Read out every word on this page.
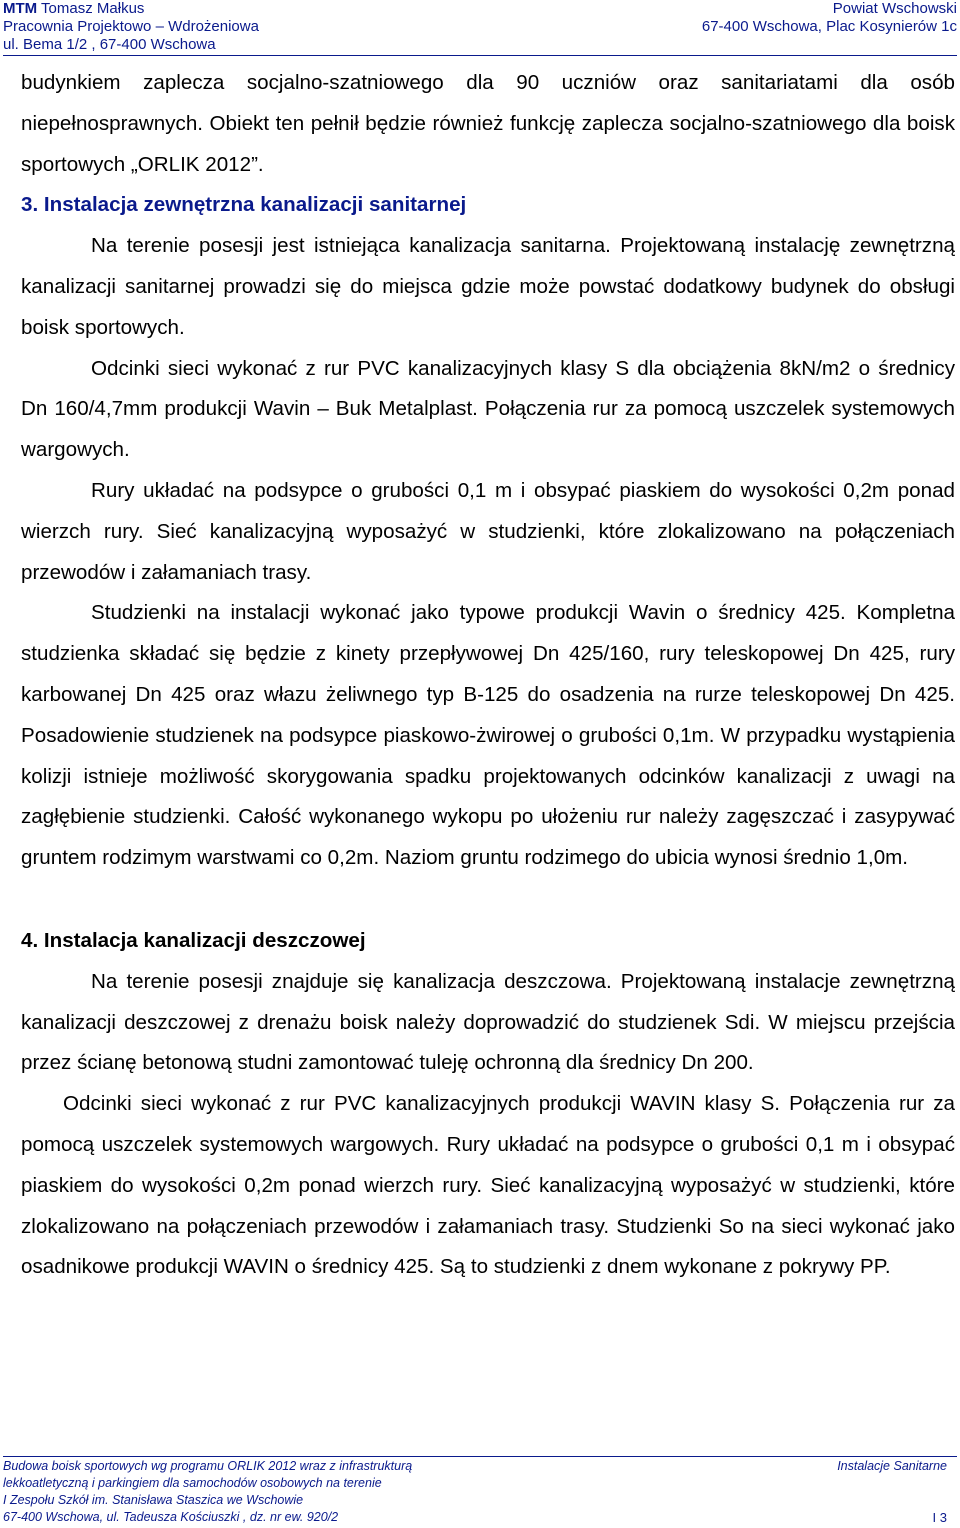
MTM Tomasz Małkus
Pracownia Projektowo – Wdrożeniowa
ul. Bema 1/2 , 67-400 Wschowa
Powiat Wschowski
67-400 Wschowa, Plac Kosynierów 1c

budynkiem zaplecza socjalno-szatniowego dla 90 uczniów oraz sanitariatami dla osób niepełnosprawnych. Obiekt ten pełnił będzie również funkcję zaplecza socjalno-szatniowego dla boisk sportowych „ORLIK 2012”.

3. Instalacja zewnętrzna kanalizacji sanitarnej

Na terenie posesji jest istniejąca kanalizacja sanitarna. Projektowaną instalację zewnętrzną kanalizacji sanitarnej prowadzi się do miejsca gdzie może powstać dodatkowy budynek do obsługi boisk sportowych.

Odcinki sieci wykonać z rur PVC kanalizacyjnych klasy S dla obciążenia 8kN/m2 o średnicy Dn 160/4,7mm produkcji Wavin – Buk Metalplast. Połączenia rur za pomocą uszczelek systemowych wargowych.

Rury układać na podsypce o grubości 0,1 m i obsypać piaskiem do wysokości 0,2m ponad wierzch rury. Sieć kanalizacyjną wyposażyć w studzienki, które zlokalizowano na połączeniach przewodów i załamaniach trasy.

Studzienki na instalacji wykonać jako typowe produkcji Wavin o średnicy 425. Kompletna studzienka składać się będzie z kinety przepływowej Dn 425/160, rury teleskopowej Dn 425, rury karbowanej Dn 425 oraz włazu żeliwnego typ B-125 do osadzenia na rurze teleskopowej Dn 425. Posadowienie studzienek na podsypce piaskowo-żwirowej o grubości 0,1m. W przypadku wystąpienia kolizji istnieje możliwość skorygowania spadku projektowanych odcinków kanalizacji z uwagi na zagłębienie studzienki. Całość wykonanego wykopu po ułożeniu rur należy zagęszczać i zasypywać gruntem rodzimym warstwami co 0,2m. Naziom gruntu rodzimego do ubicia wynosi średnio 1,0m.

4. Instalacja kanalizacji deszczowej

Na terenie posesji znajduje się kanalizacja deszczowa. Projektowaną instalacje zewnętrzną kanalizacji deszczowej z drenażu boisk należy doprowadzić do studzienek Sdi. W miejscu przejścia przez ścianę betonową studni zamontować tuleję ochronną dla średnicy Dn 200.

Odcinki sieci wykonać z rur PVC kanalizacyjnych produkcji WAVIN klasy S. Połączenia rur za pomocą uszczelek systemowych wargowych. Rury układać na podsypce o grubości 0,1 m i obsypać piaskiem do wysokości 0,2m ponad wierzch rury. Sieć kanalizacyjną wyposażyć w studzienki, które zlokalizowano na połączeniach przewodów i załamaniach trasy. Studzienki So na sieci wykonać jako osadnikowe produkcji WAVIN o średnicy 425. Są to studzienki z dnem wykonane z pokrywy PP.

Budowa boisk sportowych wg programu ORLIK 2012 wraz z infrastrukturą
lekkoatletyczną i parkingiem dla samochodów osobowych na terenie
I Zespołu Szkół im. Stanisława Staszica we Wschowie
67-400 Wschowa, ul. Tadeusza Kościuszki , dz. nr ew. 920/2
Instalacje Sanitarne
I 3
